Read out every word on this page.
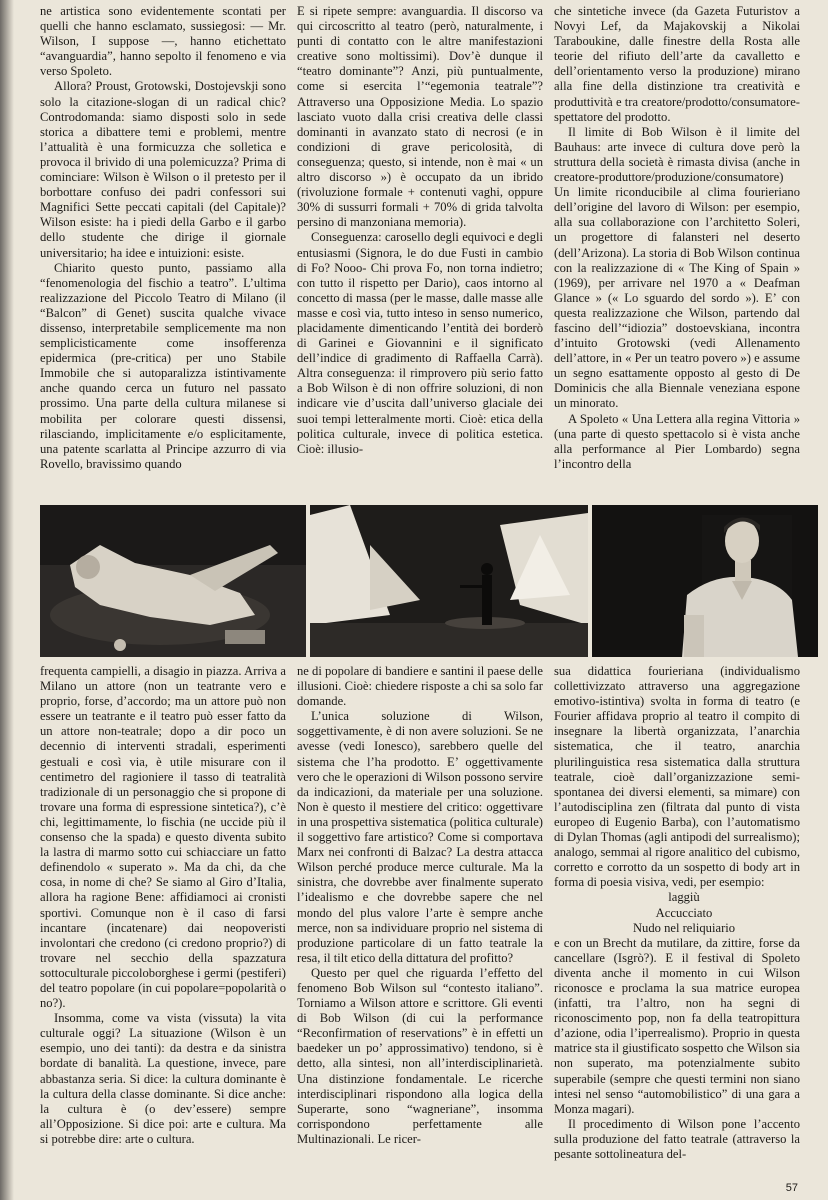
ne artistica sono evidentemente scontati per quelli che hanno esclamato, sussiegosi: — Mr. Wilson, I suppose —, hanno etichettato “avanguardia”, hanno sepolto il fenomeno e via verso Spoleto.

Allora? Proust, Grotowski, Dostojevskji sono solo la citazione-slogan di un radical chic? Controdomanda: siamo disposti solo in sede storica a dibattere temi e problemi, mentre l’attualità è una formicuzza che solletica e provoca il brivido di una polemicuzza? Prima di cominciare: Wilson è Wilson o il pretesto per il borbottare confuso dei padri confessori sui Magnifici Sette peccati capitali (del Capitale)? Wilson esiste: ha i piedi della Garbo e il garbo dello studente che dirige il giornale universitario; ha idee e intuizioni: esiste.

Chiarito questo punto, passiamo alla “fenomenologia del fischio a teatro”. L’ultima realizzazione del Piccolo Teatro di Milano (il “Balcon” di Genet) suscita qualche vivace dissenso, interpretabile semplicemente ma non semplicisticamente come insofferenza epidermica (pre-critica) per uno Stabile Immobile che si autoparalizza istintivamente anche quando cerca un futuro nel passato prossimo. Una parte della cultura milanese si mobilita per colorare questi dissensi, rilasciando, implicitamente e/o esplicitamente, una patente scarlatta al Principe azzurro di via Rovello, bravissimo quando

E si ripete sempre: avanguardia. Il discorso va qui circoscritto al teatro (però, naturalmente, i punti di contatto con le altre manifestazioni creative sono moltissimi). Dov’è dunque il “teatro dominante”? Anzi, più puntualmente, come si esercita l’“egemonia teatrale”? Attraverso una Opposizione Media. Lo spazio lasciato vuoto dalla crisi creativa delle classi dominanti in avanzato stato di necrosi (e in condizioni di grave pericolosità, di conseguenza; questo, si intende, non è mai « un altro discorso ») è occupato da un ibrido (rivoluzione formale + contenuti vaghi, oppure 30% di sussurri formali + 70% di grida talvolta persino di manzoniana memoria).

Conseguenza: carosello degli equivoci e degli entusiasmi (Signora, le do due Fusti in cambio di Fo? Nooo- Chi prova Fo, non torna indietro; con tutto il rispetto per Dario), caos intorno al concetto di massa (per le masse, dalle masse alle masse e così via, tutto inteso in senso numerico, placidamente dimenticando l’entità dei borderò di Garinei e Giovannini e il significato dell’indice di gradimento di Raffaella Carrà). Altra conseguenza: il rimprovero più serio fatto a Bob Wilson è di non offrire soluzioni, di non indicare vie d’uscita dall’universo glaciale dei suoi tempi letteralmente morti. Cioè: etica della politica culturale, invece di politica estetica. Cioè: illusio-

che sintetiche invece (da Gazeta Futuristov a Novyi Lef, da Majakovskij a Nikolai Taraboukine, dalle finestre della Rosta alle teorie del rifiuto dell’arte da cavalletto e dell’orientamento verso la produzione) mirano alla fine della distinzione tra creatività e produttività e tra creatore/prodotto/consumatore-spettatore del prodotto.

Il limite di Bob Wilson è il limite del Bauhaus: arte invece di cultura dove però la struttura della società è rimasta divisa (anche in creatore-produttore/produzione/consumatore) Un limite riconducibile al clima fourieriano dell’origine del lavoro di Wilson: per esempio, alla sua collaborazione con l’architetto Soleri, un progettore di falansteri nel deserto (dell’Arizona). La storia di Bob Wilson continua con la realizzazione di « The King of Spain » (1969), per arrivare nel 1970 a « Deafman Glance » (« Lo sguardo del sordo »). E’ con questa realizzazione che Wilson, partendo dal fascino dell’“idiozia” dostoevskiana, incontra d’intuito Grotowski (vedi Allenamento dell’attore, in « Per un teatro povero ») e assume un segno esattamente opposto al gesto di De Dominicis che alla Biennale veneziana espone un minorato.

A Spoleto « Una Lettera alla regina Vittoria » (una parte di questo spettacolo si è vista anche alla performance al Pier Lombardo) segna l’incontro della

frequenta campielli, a disagio in piazza. Arriva a Milano un attore (non un teatrante vero e proprio, forse, d’accordo; ma un attore può non essere un teatrante e il teatro può esser fatto da un attore non-teatrale; dopo a dir poco un decennio di interventi stradali, esperimenti gestuali e così via, è utile misurare con il centimetro del ragioniere il tasso di teatralità tradizionale di un personaggio che si propone di trovare una forma di espressione sintetica?), c’è chi, legittimamente, lo fischia (ne uccide più il consenso che la spada) e questo diventa subito la lastra di marmo sotto cui schiacciare un fatto definendolo « superato ». Ma da chi, da che cosa, in nome di che? Se siamo al Giro d’Italia, allora ha ragione Bene: affidiamoci ai cronisti sportivi. Comunque non è il caso di farsi incantare (incatenare) dai neopoveristi involontari che credono (ci credono proprio?) di trovare nel secchio della spazzatura sottoculturale piccoloborghese i germi (pestiferi) del teatro popolare (in cui popolare=popolarità o no?).

Insomma, come va vista (vissuta) la vita culturale oggi? La situazione (Wilson è un esempio, uno dei tanti): da destra e da sinistra bordate di banalità. La questione, invece, pare abbastanza seria. Si dice: la cultura dominante è la cultura della classe dominante. Si dice anche: la cultura è (o dev’essere) sempre all’Opposizione. Si dice poi: arte e cultura. Ma si potrebbe dire: arte o cultura.

ne di popolare di bandiere e santini il paese delle illusioni. Cioè: chiedere risposte a chi sa solo far domande.

L’unica soluzione di Wilson, soggettivamente, è di non avere soluzioni. Se ne avesse (vedi Ionesco), sarebbero quelle del sistema che l’ha prodotto. E’ oggettivamente vero che le operazioni di Wilson possono servire da indicazioni, da materiale per una soluzione. Non è questo il mestiere del critico: oggettivare in una prospettiva sistematica (politica culturale) il soggettivo fare artistico? Come si comportava Marx nei confronti di Balzac? La destra attacca Wilson perché produce merce culturale. Ma la sinistra, che dovrebbe aver finalmente superato l’idealismo e che dovrebbe sapere che nel mondo del plus valore l’arte è sempre anche merce, non sa individuare proprio nel sistema di produzione particolare di un fatto teatrale la resa, il tilt etico della dittatura del profitto?

Questo per quel che riguarda l’effetto del fenomeno Bob Wilson sul “contesto italiano”. Torniamo a Wilson attore e scrittore. Gli eventi di Bob Wilson (di cui la performance “Reconfirmation of reservations” è in effetti un baedeker un po’ approssimativo) tendono, si è detto, alla sintesi, non all’interdisciplinarietà. Una distinzione fondamentale. Le ricerche interdisciplinari rispondono alla logica della Superarte, sono “wagneriane”, insomma corrispondono perfettamente alle Multinazionali. Le ricer-

sua didattica fourieriana (individualismo collettivizzato attraverso una aggregazione emotivo-istintiva) svolta in forma di teatro (e Fourier affidava proprio al teatro il compito di insegnare la libertà organizzata, l’anarchia sistematica, che il teatro, anarchia plurilinguistica resa sistematica dalla struttura teatrale, cioè dall’organizzazione semi-spontanea dei diversi elementi, sa mimare) con l’autodisciplina zen (filtrata dal punto di vista europeo di Eugenio Barba), con l’automatismo di Dylan Thomas (agli antipodi del surrealismo); analogo, semmai al rigore analitico del cubismo, corretto e corrotto da un sospetto di body art in forma di poesia visiva, vedi, per esempio:

laggiù

Accucciato

Nudo nel reliquiario

e con un Brecht da mutilare, da zittire, forse da cancellare (Isgrò?). E il festival di Spoleto diventa anche il momento in cui Wilson riconosce e proclama la sua matrice europea (infatti, tra l’altro, non ha segni di riconoscimento pop, non fa della teatropittura d’azione, odia l’iperrealismo). Proprio in questa matrice sta il giustificato sospetto che Wilson sia non superato, ma potenzialmente subito superabile (sempre che questi termini non siano intesi nel senso “automobilistico” di una gara a Monza magari).

Il procedimento di Wilson pone l’accento sulla produzione del fatto teatrale (attraverso la pesante sottolineatura del-

57
